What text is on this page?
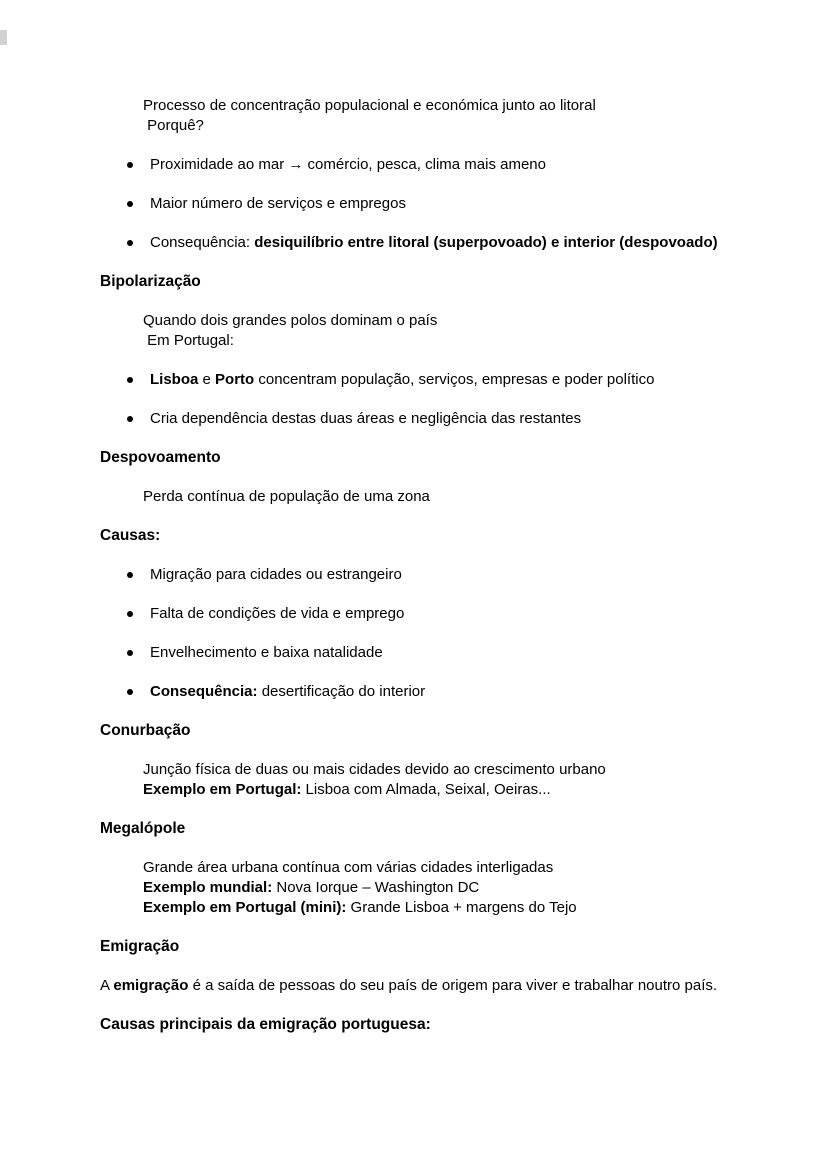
Processo de concentração populacional e económica junto ao litoral
Porquê?
Proximidade ao mar → comércio, pesca, clima mais ameno
Maior número de serviços e empregos
Consequência: desiquilíbrio entre litoral (superpovoado) e interior (despovoado)
Bipolarização
Quando dois grandes polos dominam o país
Em Portugal:
Lisboa e Porto concentram população, serviços, empresas e poder político
Cria dependência destas duas áreas e negligência das restantes
Despovoamento
Perda contínua de população de uma zona
Causas:
Migração para cidades ou estrangeiro
Falta de condições de vida e emprego
Envelhecimento e baixa natalidade
Consequência: desertificação do interior
Conurbação
Junção física de duas ou mais cidades devido ao crescimento urbano
Exemplo em Portugal: Lisboa com Almada, Seixal, Oeiras...
Megalópole
Grande área urbana contínua com várias cidades interligadas
Exemplo mundial: Nova Iorque – Washington DC
Exemplo em Portugal (mini): Grande Lisboa + margens do Tejo
Emigração
A emigração é a saída de pessoas do seu país de origem para viver e trabalhar noutro país.
Causas principais da emigração portuguesa:
